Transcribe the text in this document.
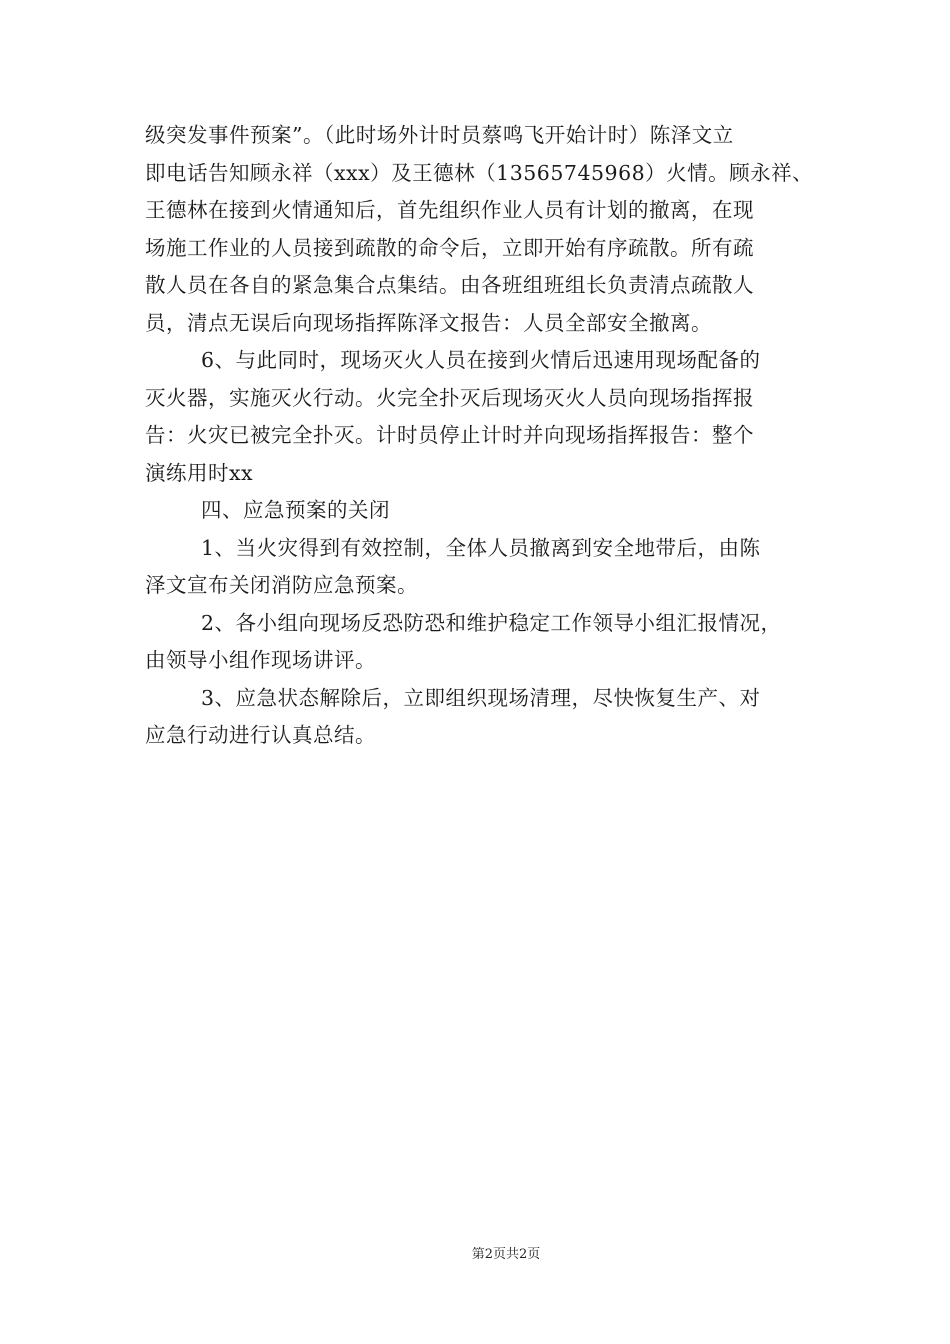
级突发事件预案”。（此时场外计时员蔡鸣飞开始计时）陈泽文立
即电话告知顾永祥（xxx）及王德林（13565745968）火情。顾永祥、
王德林在接到火情通知后，首先组织作业人员有计划的撤离，在现
场施工作业的人员接到疏散的命令后，立即开始有序疏散。所有疏
散人员在各自的紧急集合点集结。由各班组班组长负责清点疏散人
员，清点无误后向现场指挥陈泽文报告：人员全部安全撤离。
6、与此同时，现场灭火人员在接到火情后迅速用现场配备的
灭火器，实施灭火行动。火完全扑灭后现场灭火人员向现场指挥报
告：火灾已被完全扑灭。计时员停止计时并向现场指挥报告：整个
演练用时xx
四、应急预案的关闭
1、当火灾得到有效控制，全体人员撤离到安全地带后，由陈
泽文宣布关闭消防应急预案。
2、各小组向现场反恐防恐和维护稳定工作领导小组汇报情况，
由领导小组作现场讲评。
3、应急状态解除后，立即组织现场清理，尽快恢复生产、对
应急行动进行认真总结。
第2页共2页
